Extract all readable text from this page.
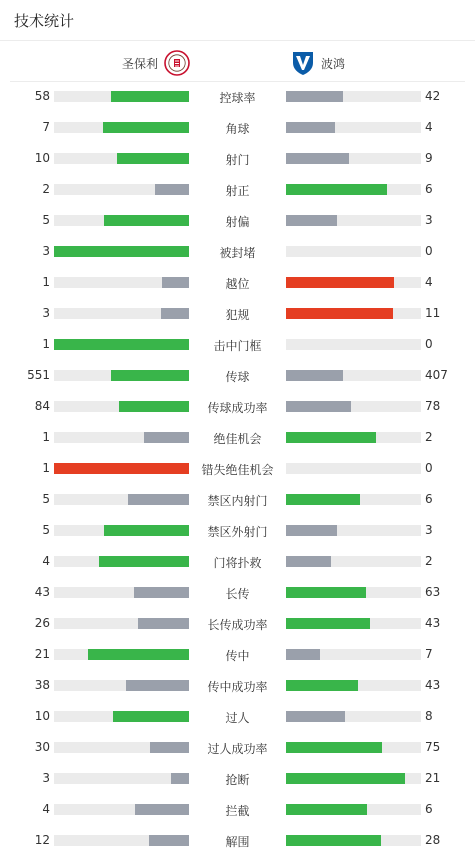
技术统计
圣保利	波鸿
58	控球率	42
7	角球	4
10	射门	9
2	射正	6
5	射偏	3
3	被封堵	0
1	越位	4
3	犯规	11
1	击中门框	0
551	传球	407
84	传球成功率	78
1	绝佳机会	2
1	错失绝佳机会	0
5	禁区内射门	6
5	禁区外射门	3
4	门将扑救	2
43	长传	63
26	长传成功率	43
21	传中	7
38	传中成功率	43
10	过人	8
30	过人成功率	75
3	抢断	21
4	拦截	6
12	解围	28
